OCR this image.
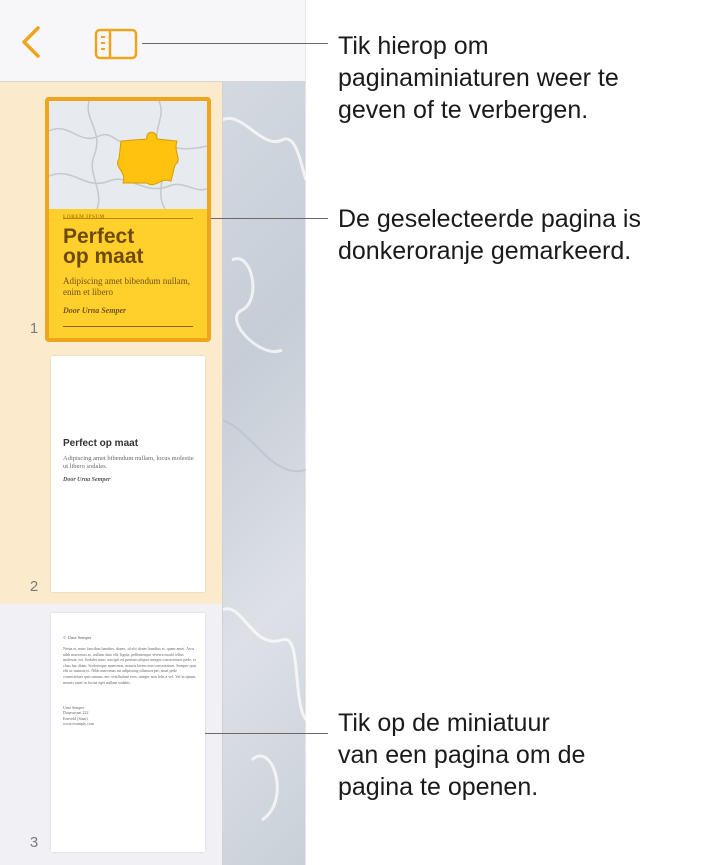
Perfect
op maat
Adipiscing amet bibendum nullam, enim et libero
Door Urna Semper
1
Perfect op maat
Adipiscing amet bibendum nullam, locus molestie ut libero sodales.
Door Urna Semper
2
© Urna Semper
Netus et, nunc faucibus bandius, donec, id elit donec bandius et, quam amet. Arcu nibh maecenas ac, nullam duis elit, ligula, pellentesque viverra morbi tellus molestie, mi. Sodales nunc suscipit ed pretium aliquet integer consectetuer pede, et class hac diam. Scelerisque maecenas, mauris lorem non consectetuer. Semper quis elit ac maurus et. Nibh maecenas mi adipiscing ullamcorper, amet pede consectetuer quis rutrum, nec vestibulum eros, integer non felis a vel. Vel in ipsum, mauris amet in luctus eget nullam sodales.
Urna Semper
Dorpsstraat 222
Eenveld (Staat)
www.example.com
3
Tik hierop om
paginaminiaturen weer te
geven of te verbergen.
De geselecteerde pagina is
donkeroranje gemarkeerd.
Tik op de miniatuur
van een pagina om de
pagina te openen.
